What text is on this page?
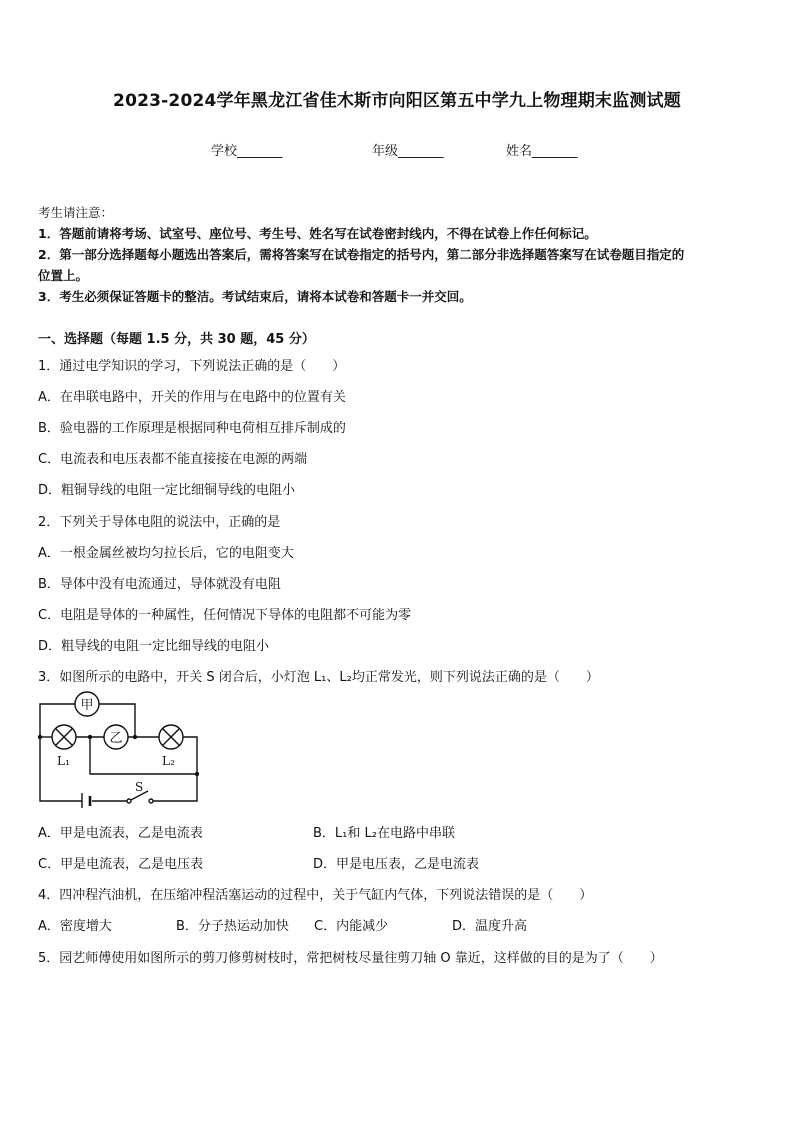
2023-2024学年黑龙江省佳木斯市向阳区第五中学九上物理期末监测试题
学校_______	年级_______	姓名_______
考生请注意：
1．答题前请将考场、试室号、座位号、考生号、姓名写在试卷密封线内，不得在试卷上作任何标记。
2．第一部分选择题每小题选出答案后，需将答案写在试卷指定的括号内，第二部分非选择题答案写在试卷题目指定的
位置上。
3．考生必须保证答题卡的整洁。考试结束后，请将本试卷和答题卡一并交回。
一、选择题（每题 1.5 分，共 30 题，45 分）
1．通过电学知识的学习，下列说法正确的是（　　）
A．在串联电路中，开关的作用与在电路中的位置有关
B．验电器的工作原理是根据同种电荷相互排斥制成的
C．电流表和电压表都不能直接接在电源的两端
D．粗铜导线的电阻一定比细铜导线的电阻小
2．下列关于导体电阻的说法中，正确的是
A．一根金属丝被均匀拉长后，它的电阻变大
B．导体中没有电流通过，导体就没有电阻
C．电阻是导体的一种属性，任何情况下导体的电阻都不可能为零
D．粗导线的电阻一定比细导线的电阻小
3．如图所示的电路中，开关 S 闭合后，小灯泡 L₁、L₂均正常发光，则下列说法正确的是（　　）
甲
乙
L₁	L₂
S
A．甲是电流表，乙是电流表	B．L₁和 L₂在电路中串联
C．甲是电流表，乙是电压表	D．甲是电压表，乙是电流表
4．四冲程汽油机，在压缩冲程活塞运动的过程中，关于气缸内气体，下列说法错误的是（　　）
A．密度增大	B．分子热运动加快 C．内能减少	D．温度升高
5．园艺师傅使用如图所示的剪刀修剪树枝时，常把树枝尽量往剪刀轴 O 靠近，这样做的目的是为了（　　）
